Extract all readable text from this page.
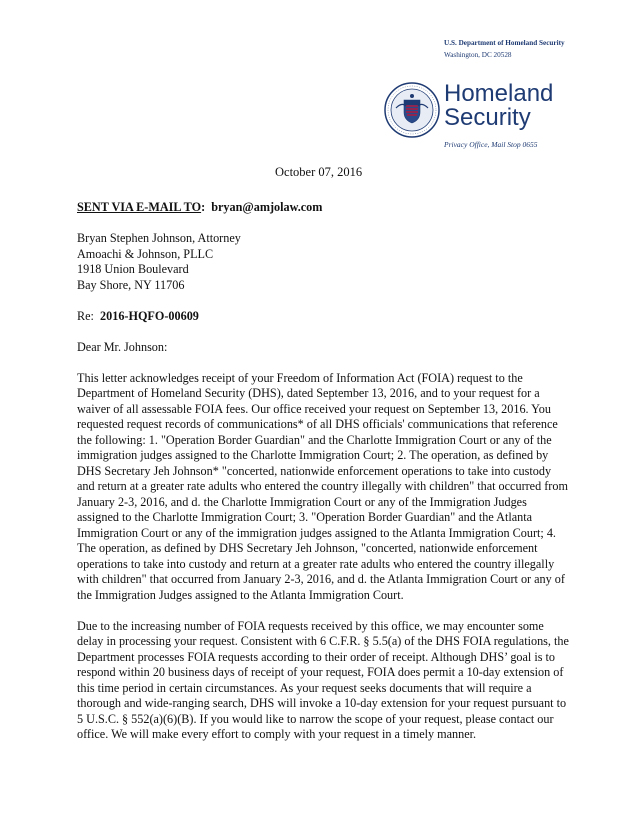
U.S. Department of Homeland Security
Washington, DC 20528
Homeland
Security
Privacy Office, Mail Stop 0655
October 07, 2016

SENT VIA E-MAIL TO:  bryan@amjolaw.com

Bryan Stephen Johnson, Attorney

Amoachi & Johnson, PLLC

1918 Union Boulevard

Bay Shore, NY 11706

Re: 2016-HQFO-00609

Dear Mr. Johnson:

This letter acknowledges receipt of your Freedom of Information Act (FOIA) request to the Department of Homeland Security (DHS), dated September 13, 2016, and to your request for a waiver of all assessable FOIA fees. Our office received your request on September 13, 2016. You requested request records of communications* of all DHS officials' communications that reference the following: 1. "Operation Border Guardian" and the Charlotte Immigration Court or any of the immigration judges assigned to the Charlotte Immigration Court; 2. The operation, as defined by DHS Secretary Jeh Johnson* "concerted, nationwide enforcement operations to take into custody and return at a greater rate adults who entered the country illegally with children" that occurred from January 2-3, 2016, and d. the Charlotte Immigration Court or any of the Immigration Judges assigned to the Charlotte Immigration Court; 3. "Operation Border Guardian" and the Atlanta Immigration Court or any of the immigration judges assigned to the Atlanta Immigration Court; 4. The operation, as defined by DHS Secretary Jeh Johnson, "concerted, nationwide enforcement operations to take into custody and return at a greater rate adults who entered the country illegally with children" that occurred from January 2-3, 2016, and d. the Atlanta Immigration Court or any of the Immigration Judges assigned to the Atlanta Immigration Court.

Due to the increasing number of FOIA requests received by this office, we may encounter some delay in processing your request. Consistent with 6 C.F.R. § 5.5(a) of the DHS FOIA regulations, the Department processes FOIA requests according to their order of receipt. Although DHS’ goal is to respond within 20 business days of receipt of your request, FOIA does permit a 10-day extension of this time period in certain circumstances. As your request seeks documents that will require a thorough and wide-ranging search, DHS will invoke a 10-day extension for your request pursuant to 5 U.S.C. § 552(a)(6)(B). If you would like to narrow the scope of your request, please contact our office. We will make every effort to comply with your request in a timely manner.
